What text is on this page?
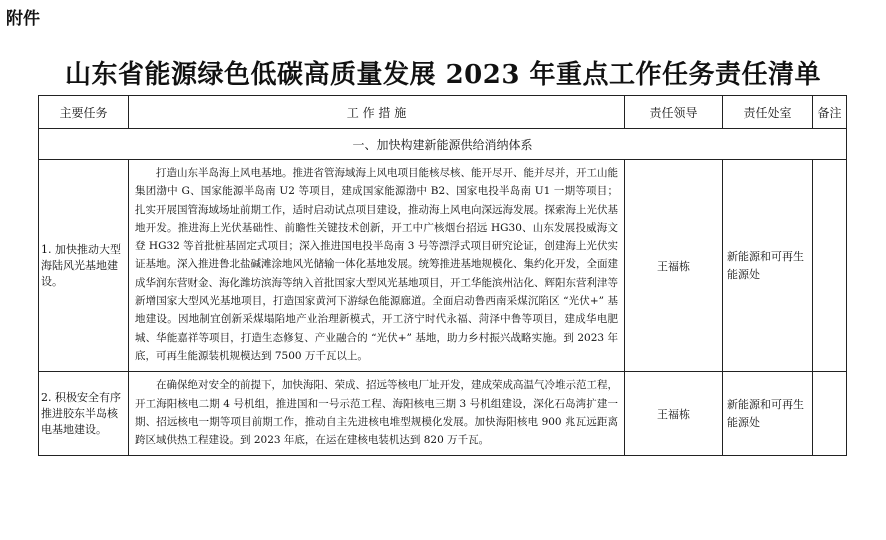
附件
山东省能源绿色低碳高质量发展 2023 年重点工作任务责任清单
主要任务	工 作 措 施	责任领导	责任处室	备注
一、加快构建新能源供给消纳体系				
1. 加快推动大型海陆风光基地建设。	打造山东半岛海上风电基地。推进省管海域海上风电项目能核尽核、能开尽开、能并尽并，开工山能集团渤中 G、国家能源半岛南 U2 等项目，建成国家能源渤中 B2、国家电投半岛南 U1 一期等项目；扎实开展国管海域场址前期工作，适时启动试点项目建设，推动海上风电向深远海发展。探索海上光伏基地开发。推进海上光伏基础性、前瞻性关键技术创新，开工中广核烟台招远 HG30、山东发展投威海文登 HG32 等首批桩基固定式项目；深入推进国电投半岛南 3 号等漂浮式项目研究论证，创建海上光伏实证基地。深入推进鲁北盐碱滩涂地风光储输一体化基地发展。统筹推进基地规模化、集约化开发，全面建成华润东营财金、海化潍坊滨海等纳入首批国家大型风光基地项目，开工华能滨州沾化、辉阳东营利津等新增国家大型风光基地项目，打造国家黄河下游绿色能源廊道。全面启动鲁西南采煤沉陷区 “光伏+” 基地建设。因地制宜创新采煤塌陷地产业治理新模式，开工济宁时代永福、菏泽中鲁等项目，建成华电肥城、华能嘉祥等项目，打造生态修复、产业融合的 “光伏+” 基地，助力乡村振兴战略实施。到 2023 年底，可再生能源装机规模达到 7500 万千瓦以上。	王福栋	新能源和可再生能源处	
2. 积极安全有序推进胶东半岛核电基地建设。	在确保绝对安全的前提下，加快海阳、荣成、招远等核电厂址开发，建成荣成高温气冷堆示范工程，开工海阳核电二期 4 号机组，推进国和一号示范工程、海阳核电三期 3 号机组建设，深化石岛湾扩建一期、招远核电一期等项目前期工作，推动自主先进核电堆型规模化发展。加快海阳核电 900 兆瓦远距离跨区域供热工程建设。到 2023 年底，在运在建核电装机达到 820 万千瓦。	王福栋	新能源和可再生能源处	
